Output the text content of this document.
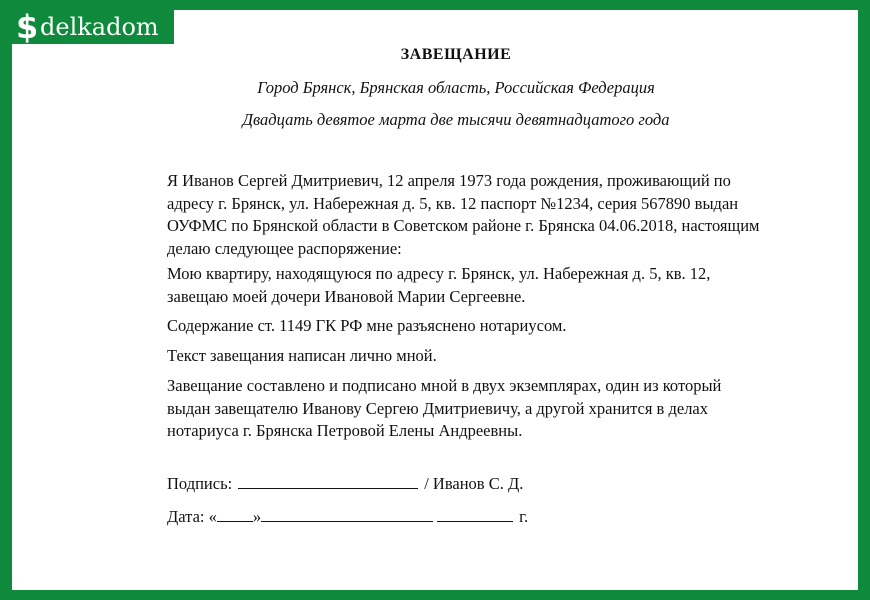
$ delkadom
ЗАВЕЩАНИЕ
Город Брянск, Брянская область, Российская Федерация
Двадцать девятое марта две тысячи девятнадцатого года
Я Иванов Сергей Дмитриевич, 12 апреля 1973 года рождения, проживающий по адресу г. Брянск, ул. Набережная д. 5, кв. 12 паспорт №1234, серия 567890 выдан ОУФМС по Брянской области в Советском районе г. Брянска 04.06.2018, настоящим делаю следующее распоряжение:
Мою квартиру, находящуюся по адресу г. Брянск, ул. Набережная д. 5, кв. 12, завещаю моей дочери Ивановой Марии Сергеевне.
Содержание ст. 1149 ГК РФ мне разъяснено нотариусом.
Текст завещания написан лично мной.
Завещание составлено и подписано мной в двух экземплярах, один из который выдан завещателю Иванову Сергею Дмитриевичу, а другой хранится в делах нотариуса г. Брянска Петровой Елены Андреевны.
Подпись:	/ Иванов С. Д.
Дата: « »	г.
